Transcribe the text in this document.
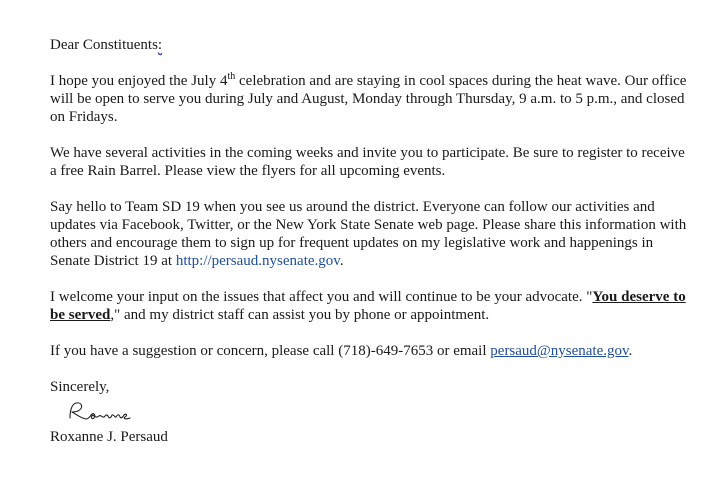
Dear Constituents:

I hope you enjoyed the July 4th celebration and are staying in cool spaces during the heat wave. Our office will be open to serve you during July and August, Monday through Thursday, 9 a.m. to 5 p.m., and closed on Fridays.

We have several activities in the coming weeks and invite you to participate. Be sure to register to receive a free Rain Barrel. Please view the flyers for all upcoming events.

Say hello to Team SD 19 when you see us around the district. Everyone can follow our activities and updates via Facebook, Twitter, or the New York State Senate web page. Please share this information with others and encourage them to sign up for frequent updates on my legislative work and happenings in Senate District 19 at http://persaud.nysenate.gov.

I welcome your input on the issues that affect you and will continue to be your advocate. "You deserve to be served," and my district staff can assist you by phone or appointment.

If you have a suggestion or concern, please call (718)-649-7653 or email persaud@nysenate.gov.

Sincerely,

Roxanne J. Persaud
